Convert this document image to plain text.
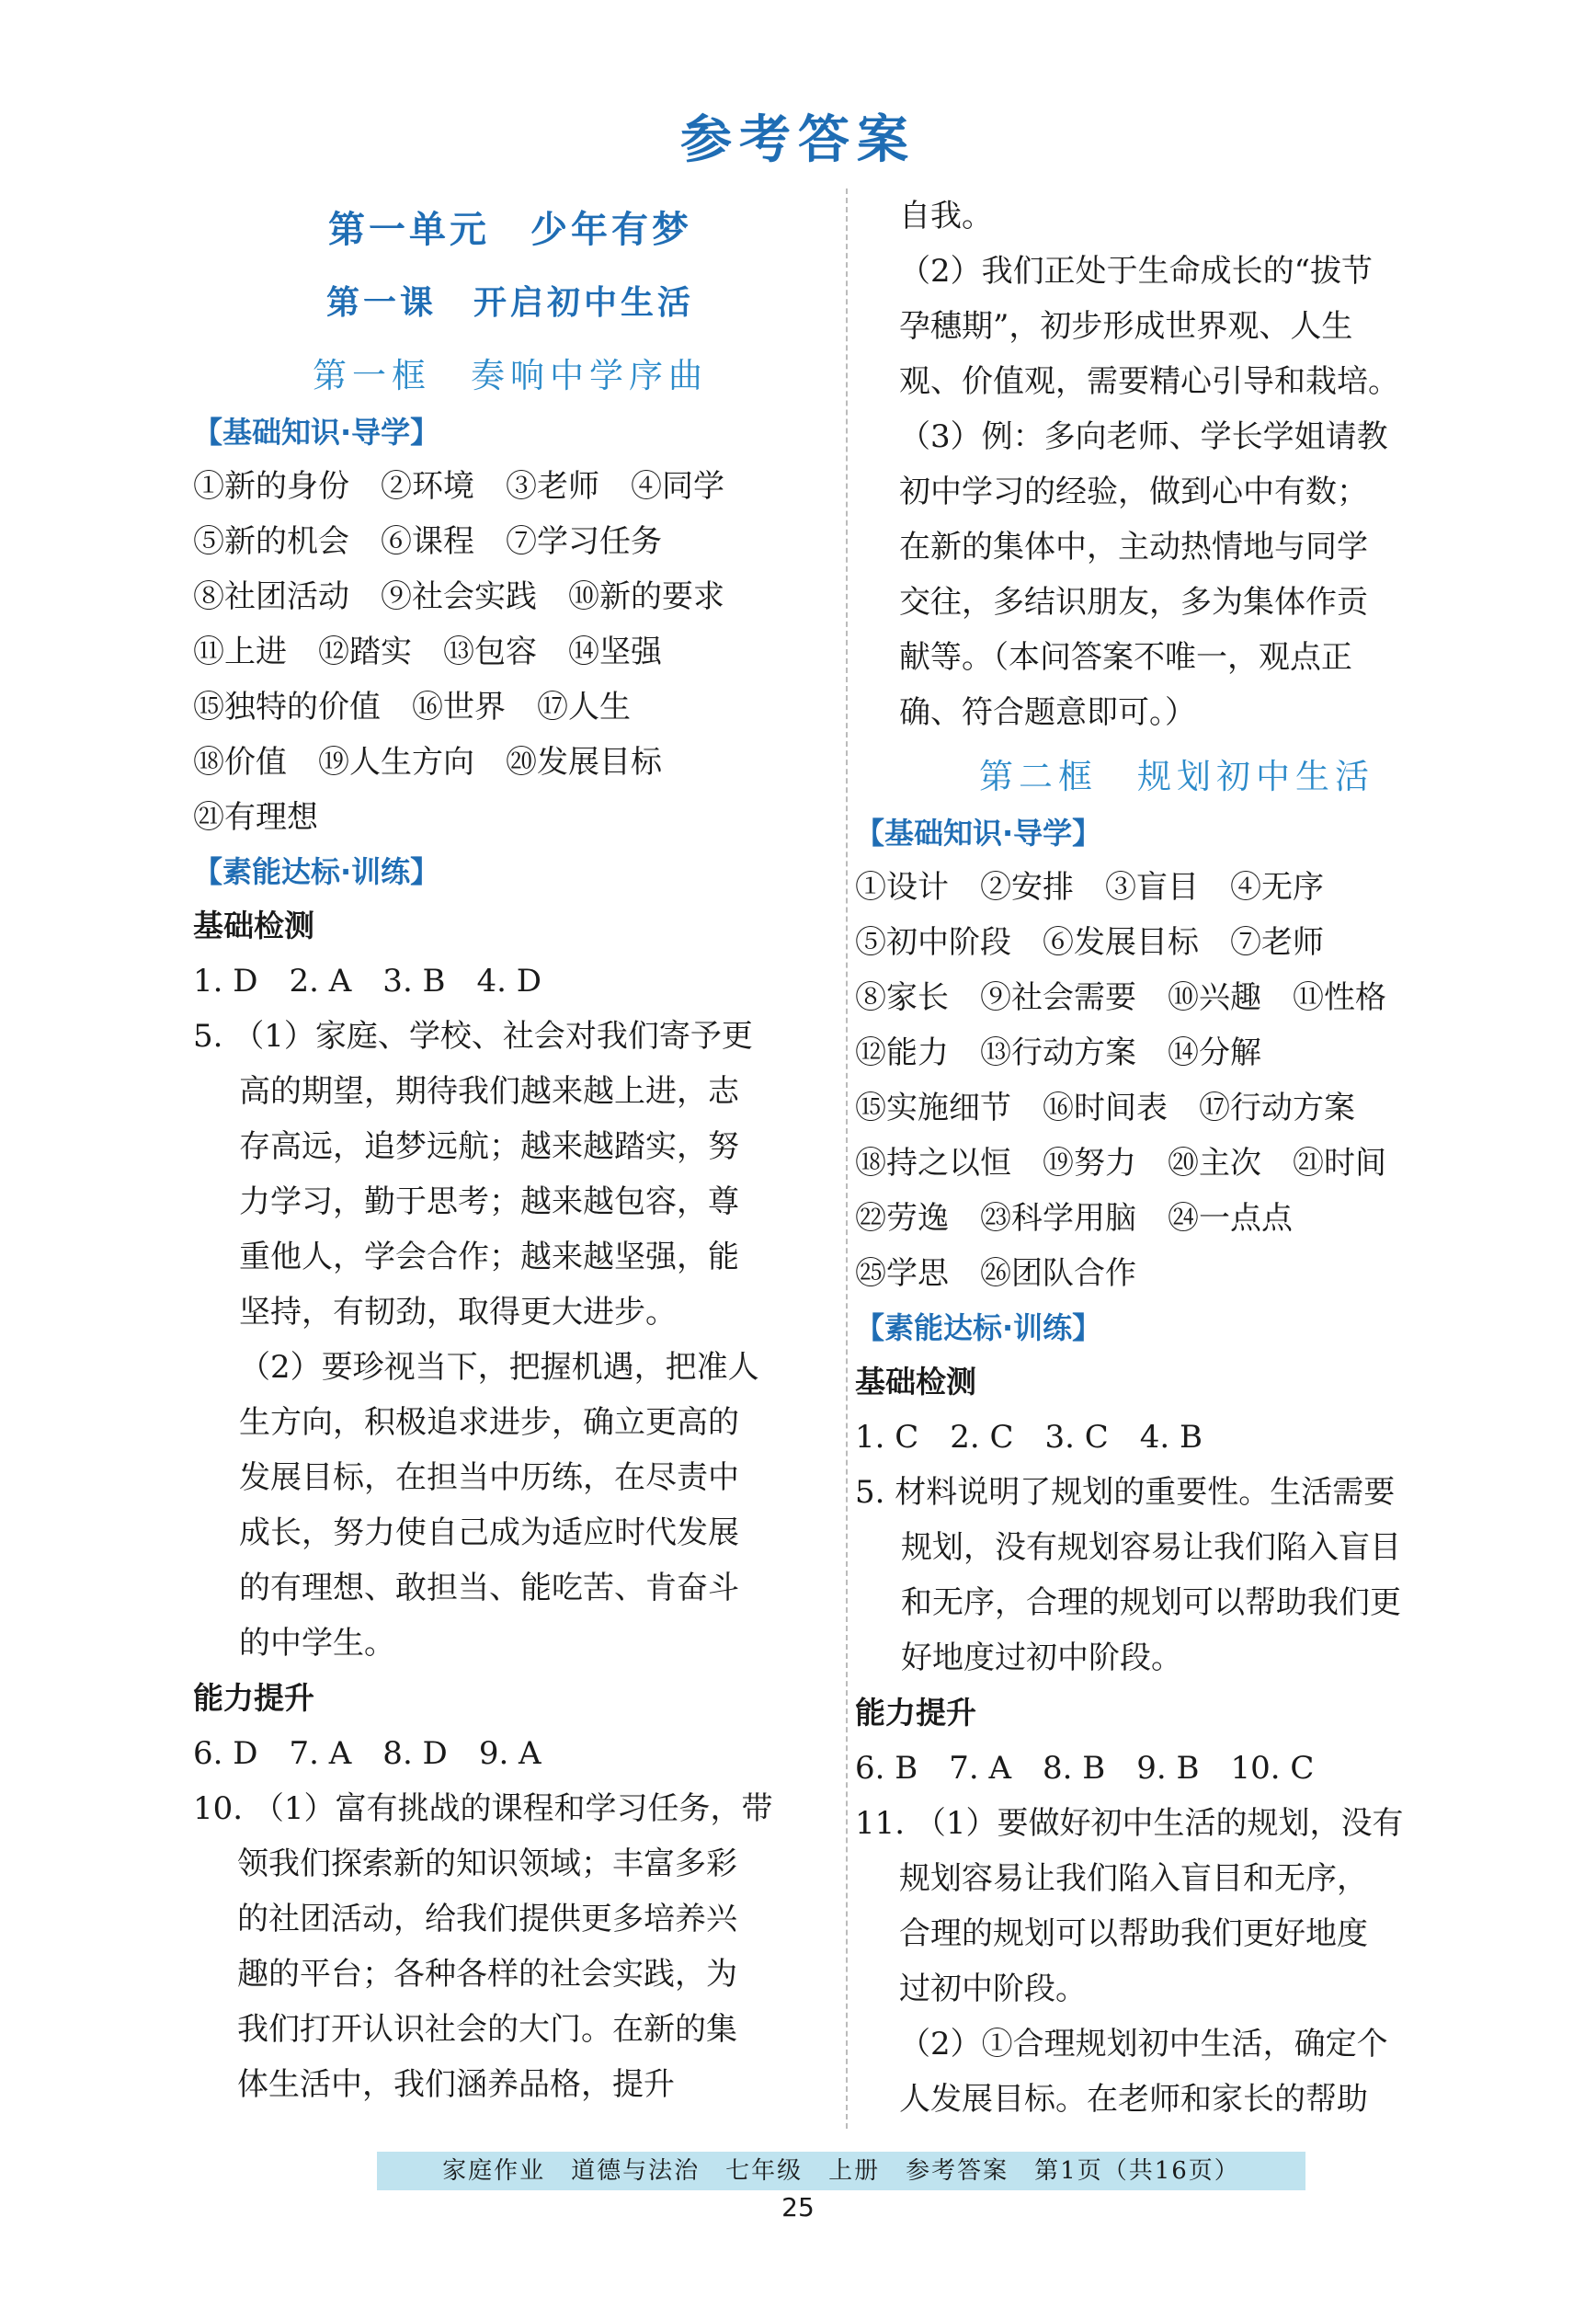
参考答案
第一单元　少年有梦
第一课　开启初中生活
第一框　奏响中学序曲
【基础知识·导学】

①新的身份　②环境　③老师　④同学

⑤新的机会　⑥课程　⑦学习任务

⑧社团活动　⑨社会实践　⑩新的要求

⑪上进　⑫踏实　⑬包容　⑭坚强

⑮独特的价值　⑯世界　⑰人生

⑱价值　⑲人生方向　⑳发展目标

㉑有理想

【素能达标·训练】
基础检测

1. D　2. A　3. B　4. D

5. （1）家庭、学校、社会对我们寄予更

高的期望，期待我们越来越上进，志

存高远，追梦远航；越来越踏实，努

力学习，勤于思考；越来越包容，尊

重他人，学会合作；越来越坚强，能

坚持，有韧劲，取得更大进步。

（2）要珍视当下，把握机遇，把准人

生方向，积极追求进步，确立更高的

发展目标，在担当中历练，在尽责中

成长，努力使自己成为适应时代发展

的有理想、敢担当、能吃苦、肯奋斗

的中学生。

能力提升

6. D　7. A　8. D　9. A

10. （1）富有挑战的课程和学习任务，带

领我们探索新的知识领域；丰富多彩

的社团活动，给我们提供更多培养兴

趣的平台；各种各样的社会实践，为

我们打开认识社会的大门。在新的集

体生活中，我们涵养品格，提升

自我。

（2）我们正处于生命成长的“拔节

孕穗期”，初步形成世界观、人生

观、价值观，需要精心引导和栽培。

（3）例：多向老师、学长学姐请教

初中学习的经验，做到心中有数；

在新的集体中，主动热情地与同学

交往，多结识朋友，多为集体作贡

献等。（本问答案不唯一，观点正

确、符合题意即可。）

第二框　规划初中生活
【基础知识·导学】

①设计　②安排　③盲目　④无序

⑤初中阶段　⑥发展目标　⑦老师

⑧家长　⑨社会需要　⑩兴趣　⑪性格

⑫能力　⑬行动方案　⑭分解

⑮实施细节　⑯时间表　⑰行动方案

⑱持之以恒　⑲努力　⑳主次　㉑时间

㉒劳逸　㉓科学用脑　㉔一点点

㉕学思　㉖团队合作

【素能达标·训练】
基础检测

1. C　2. C　3. C　4. B

5. 材料说明了规划的重要性。生活需要

规划，没有规划容易让我们陷入盲目

和无序，合理的规划可以帮助我们更

好地度过初中阶段。

能力提升

6. B　7. A　8. B　9. B　10. C

11. （1）要做好初中生活的规划，没有

规划容易让我们陷入盲目和无序，

合理的规划可以帮助我们更好地度

过初中阶段。

（2）①合理规划初中生活，确定个

人发展目标。在老师和家长的帮助

家庭作业　道德与法治　七年级　上册　参考答案　第1页（共16页）
25
